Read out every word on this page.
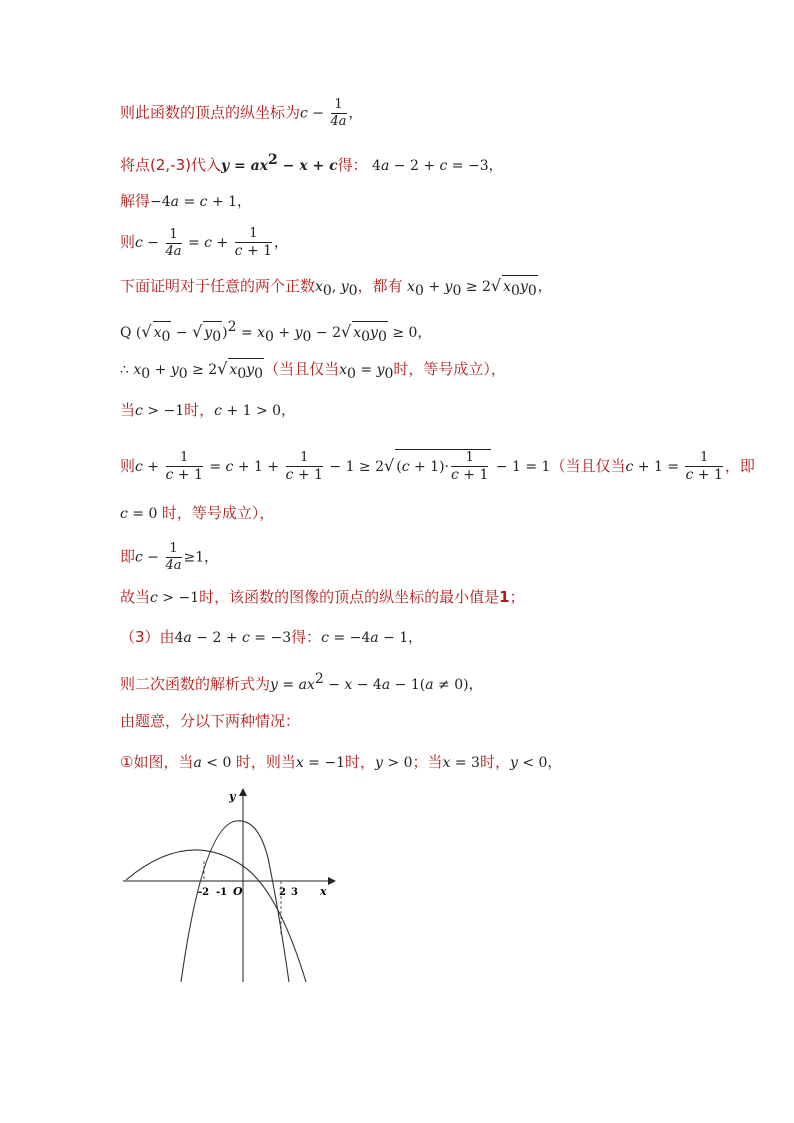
则此函数的顶点的纵坐标为$c - \frac{1}{4a}$ ，
将点(2,-3)代入$y = ax^2 - x + c$得： 4a − 2 + c = −3，
解得−4a = c + 1，
则$c - \frac{1}{4a} = c + \frac{1}{c + 1}$ ，
下面证明对于任意的两个正数$x_0$, $y_0$，都有 $x_0 + y_0 \ge 2√$ $x_0y_0$，
Q (√ $x_0$ − √ $y_0)^2 = x_0 + y_0 - 2√$ $x_0y_0 \ge 0$，
∴ $x_0 + y_0 \ge 2√$ $x_0y_0$（当且仅当$x_0 = y_0$时，等号成立），
当c > −1时，c + 1 > 0，
则$c + \frac{1}{c + 1} = c + 1 + \frac{1}{c + 1} - 1 \ge 2√$ $(c + 1)\cdot \frac{1}{c + 1} - 1 = 1$（当且仅当$c + 1 = \frac{1}{c + 1}$ ，即
c = 0 时，等号成立），
即$c - \frac{1}{4a} \ge 1$，
故当c > −1时，该函数的图像的顶点的纵坐标的最小值是1；
（3）由4a − 2 + c = −3得：c = −4a − 1，
则二次函数的解析式为$y = ax^2 - x - 4a - 1(a \ne 0)$，
由题意，分以下两种情况：
①如图，当a < 0 时，则当x = −1时，y > 0；当x = 3时，y < 0，
y
x
O
-2 -1	2 3
